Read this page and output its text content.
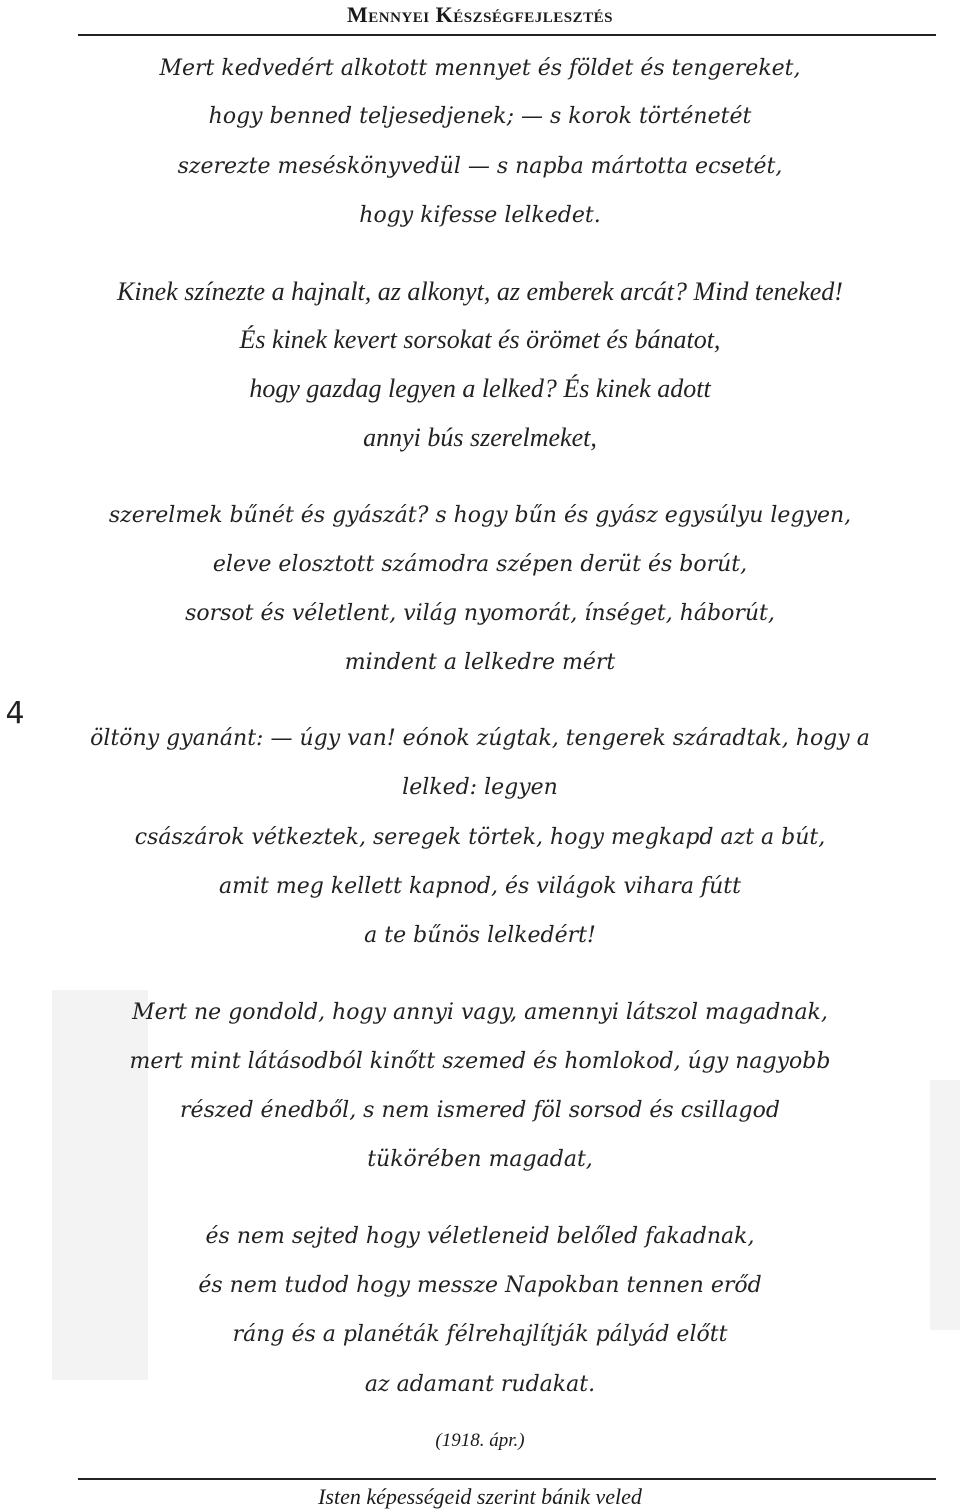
Mennyei Készségfejlesztés
4
Mert kedvedért alkotott mennyet és földet és tengereket,
hogy benned teljesedjenek; — s korok történetét
szerezte meséskönyvedül — s napba mártotta ecsetét,
hogy kifesse lelkedet.
Kinek színezte a hajnalt, az alkonyt, az emberek arcát? Mind teneked!
És kinek kevert sorsokat és örömet és bánatot,
hogy gazdag legyen a lelked? És kinek adott
annyi bús szerelmeket,
szerelmek bűnét és gyászát? s hogy bűn és gyász egysúlyu legyen,
eleve elosztott számodra szépen derüt és borút,
sorsot és véletlent, világ nyomorát, ínséget, háborút,
mindent a lelkedre mért
öltöny gyanánt: — úgy van! eónok zúgtak, tengerek száradtak, hogy a
lelked: legyen
császárok vétkeztek, seregek törtek, hogy megkapd azt a bút,
amit meg kellett kapnod, és világok vihara fútt
a te bűnös lelkedért!
Mert ne gondold, hogy annyi vagy, amennyi látszol magadnak,
mert mint látásodból kinőtt szemed és homlokod, úgy nagyobb
részed énedből, s nem ismered föl sorsod és csillagod
tükörében magadat,
és nem sejted hogy véletleneid belőled fakadnak,
és nem tudod hogy messze Napokban tennen erőd
ráng és a planéták félrehajlítják pályád előtt
az adamant rudakat.
(1918. ápr.)
Isten képességeid szerint bánik veled
